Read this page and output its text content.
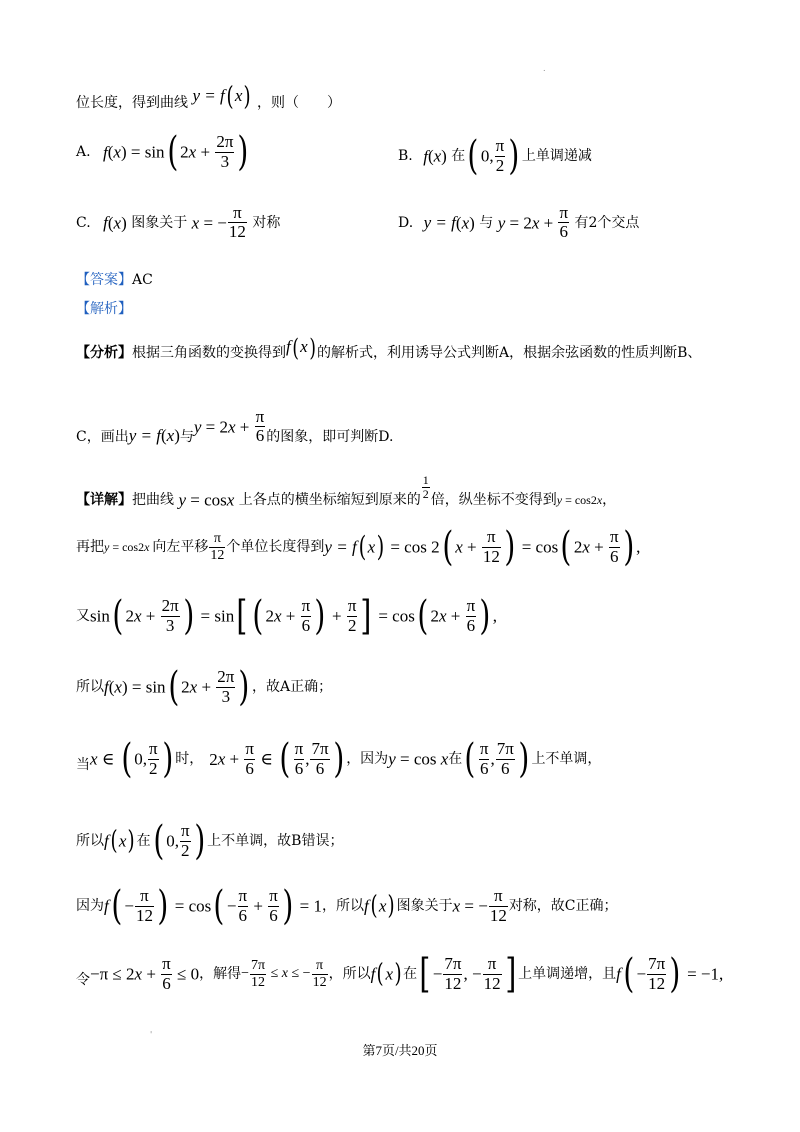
.
位长度，得到曲线 y = f(x) ，则（　　）
A. f(x) = sin( $2x + \frac{2\pi}{3}$ )	B. f(x) 在( 0, $\frac{\pi}{2}$ ) 上单调递减
C. f(x) 图象关于 x = − $\frac{\pi}{12}$ 对称	D. y = f(x) 与 $y = 2x + \frac{\pi}{6}$ 有2个交点
【答案】AC
【解析】
【分析】根据三角函数的变换得到f(x)的解析式，利用诱导公式判断A，根据余弦函数的性质判断B、
C，画出y = f(x)与$y = 2x + \frac{\pi}{6}$ 的图象，即可判断D.
【详解】把曲线 y = cosx 上各点的横坐标缩短到原来的 $\frac{1}{2}$ 倍，纵坐标不变得到y = cos2x，
再把y = cos2x 向左平移 $\frac{\pi}{12}$ 个单位长度得到y = f(x) = cos 2( $x + \frac{\pi}{12}$ ) = cos( $2x + \frac{\pi}{6}$ ) ,
又sin( $2x + \frac{2\pi}{3}$ ) = sin[ ( $2x + \frac{\pi}{6}$ ) + $\frac{\pi}{2}$ ] = cos( $2x + \frac{\pi}{6}$ ) ,
所以f(x) = sin( $2x + \frac{2\pi}{3}$ ) ，故A正确；
当x ∈ ( 0, $\frac{\pi}{2}$ ) 时， $2x + \frac{\pi}{6}$ ∈ ( $\frac{\pi}{6}$ , $\frac{7\pi}{6}$ ) ，因为y = cos x在( $\frac{\pi}{6}$ , $\frac{7\pi}{6}$ ) 上不单调，
所以f(x) 在( 0, $\frac{\pi}{2}$ ) 上不单调，故B错误；
因为$f( - \frac{\pi}{12}$ ) = $\cos( - \frac{\pi}{6} + \frac{\pi}{6}$ ) = 1，所以f(x) 图象关于x = − $\frac{\pi}{12}$ 对称，故C正确；
令$-\pi \le 2x + \frac{\pi}{6} \le 0$，解得− $\frac{7\pi}{12} \le x$ ≤ − $\frac{\pi}{12}$ ，所以f(x) 在[ − $\frac{7\pi}{12}$ , − $\frac{\pi}{12}$ ] 上单调递增，且$f( - \frac{7\pi}{12}$ ) = −1,
'
第7页/共20页
